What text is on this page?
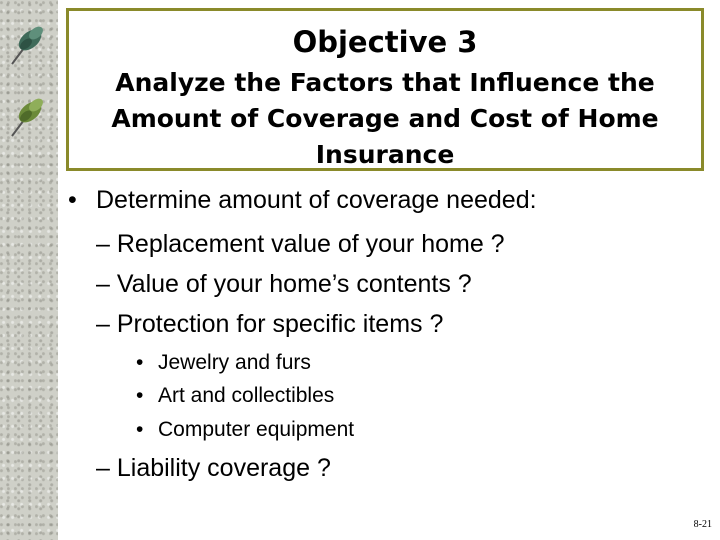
Objective 3
Analyze the Factors that Influence the Amount of Coverage and Cost of Home Insurance
• Determine amount of coverage needed:
– Replacement value of your home ?
– Value of your home’s contents ?
– Protection for specific items ?
• Jewelry and furs
• Art and collectibles
• Computer equipment
– Liability coverage ?
8-21
